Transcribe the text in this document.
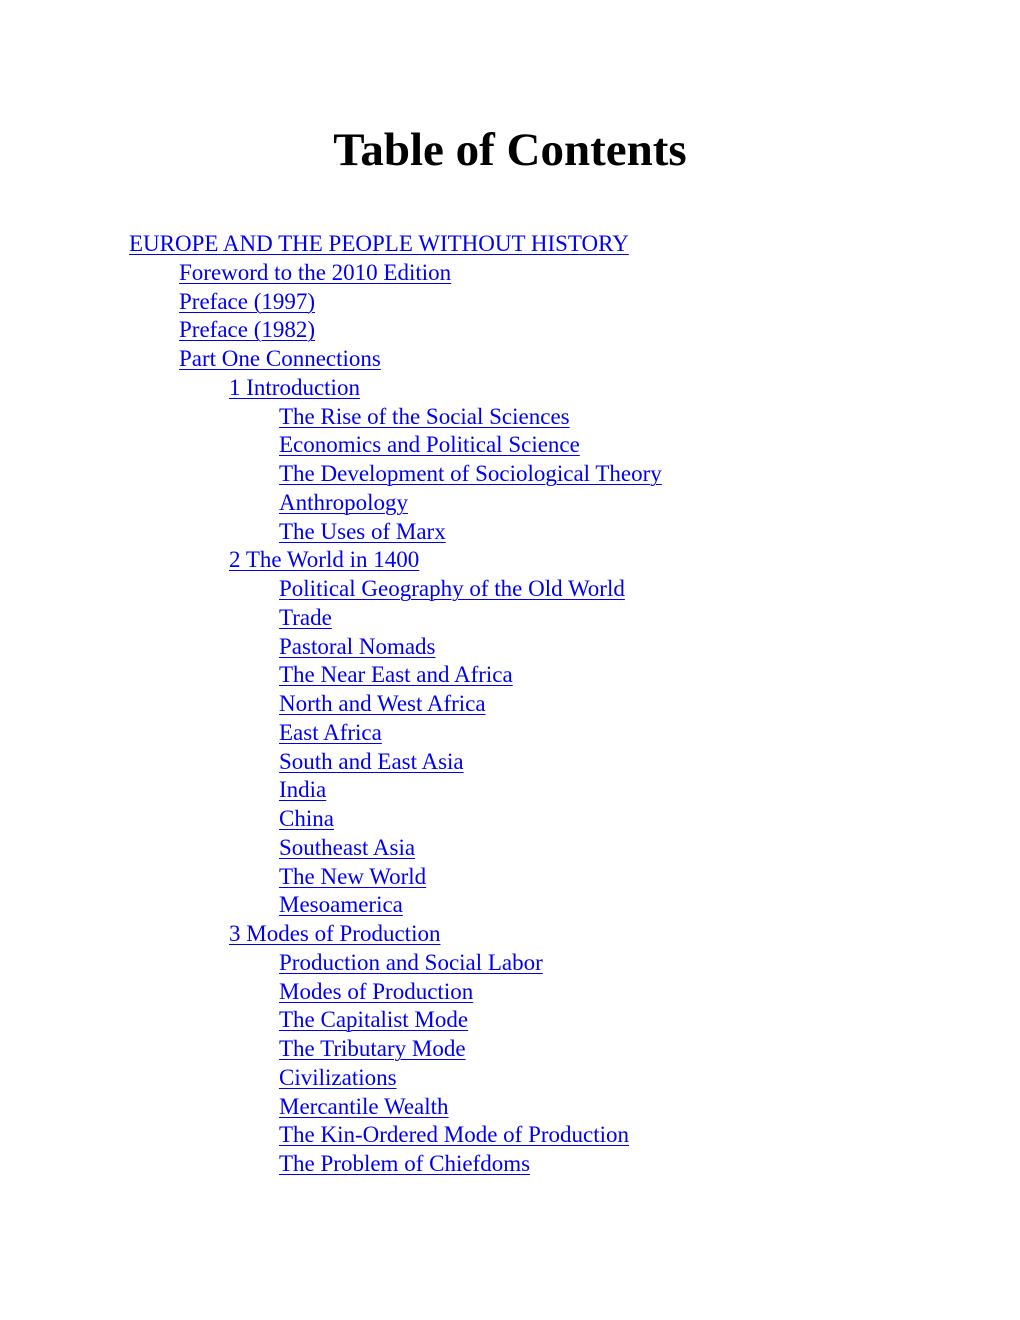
Table of Contents
EUROPE AND THE PEOPLE WITHOUT HISTORY
Foreword to the 2010 Edition
Preface (1997)
Preface (1982)
Part One Connections
1 Introduction
The Rise of the Social Sciences
Economics and Political Science
The Development of Sociological Theory
Anthropology
The Uses of Marx
2 The World in 1400
Political Geography of the Old World
Trade
Pastoral Nomads
The Near East and Africa
North and West Africa
East Africa
South and East Asia
India
China
Southeast Asia
The New World
Mesoamerica
3 Modes of Production
Production and Social Labor
Modes of Production
The Capitalist Mode
The Tributary Mode
Civilizations
Mercantile Wealth
The Kin-Ordered Mode of Production
The Problem of Chiefdoms
